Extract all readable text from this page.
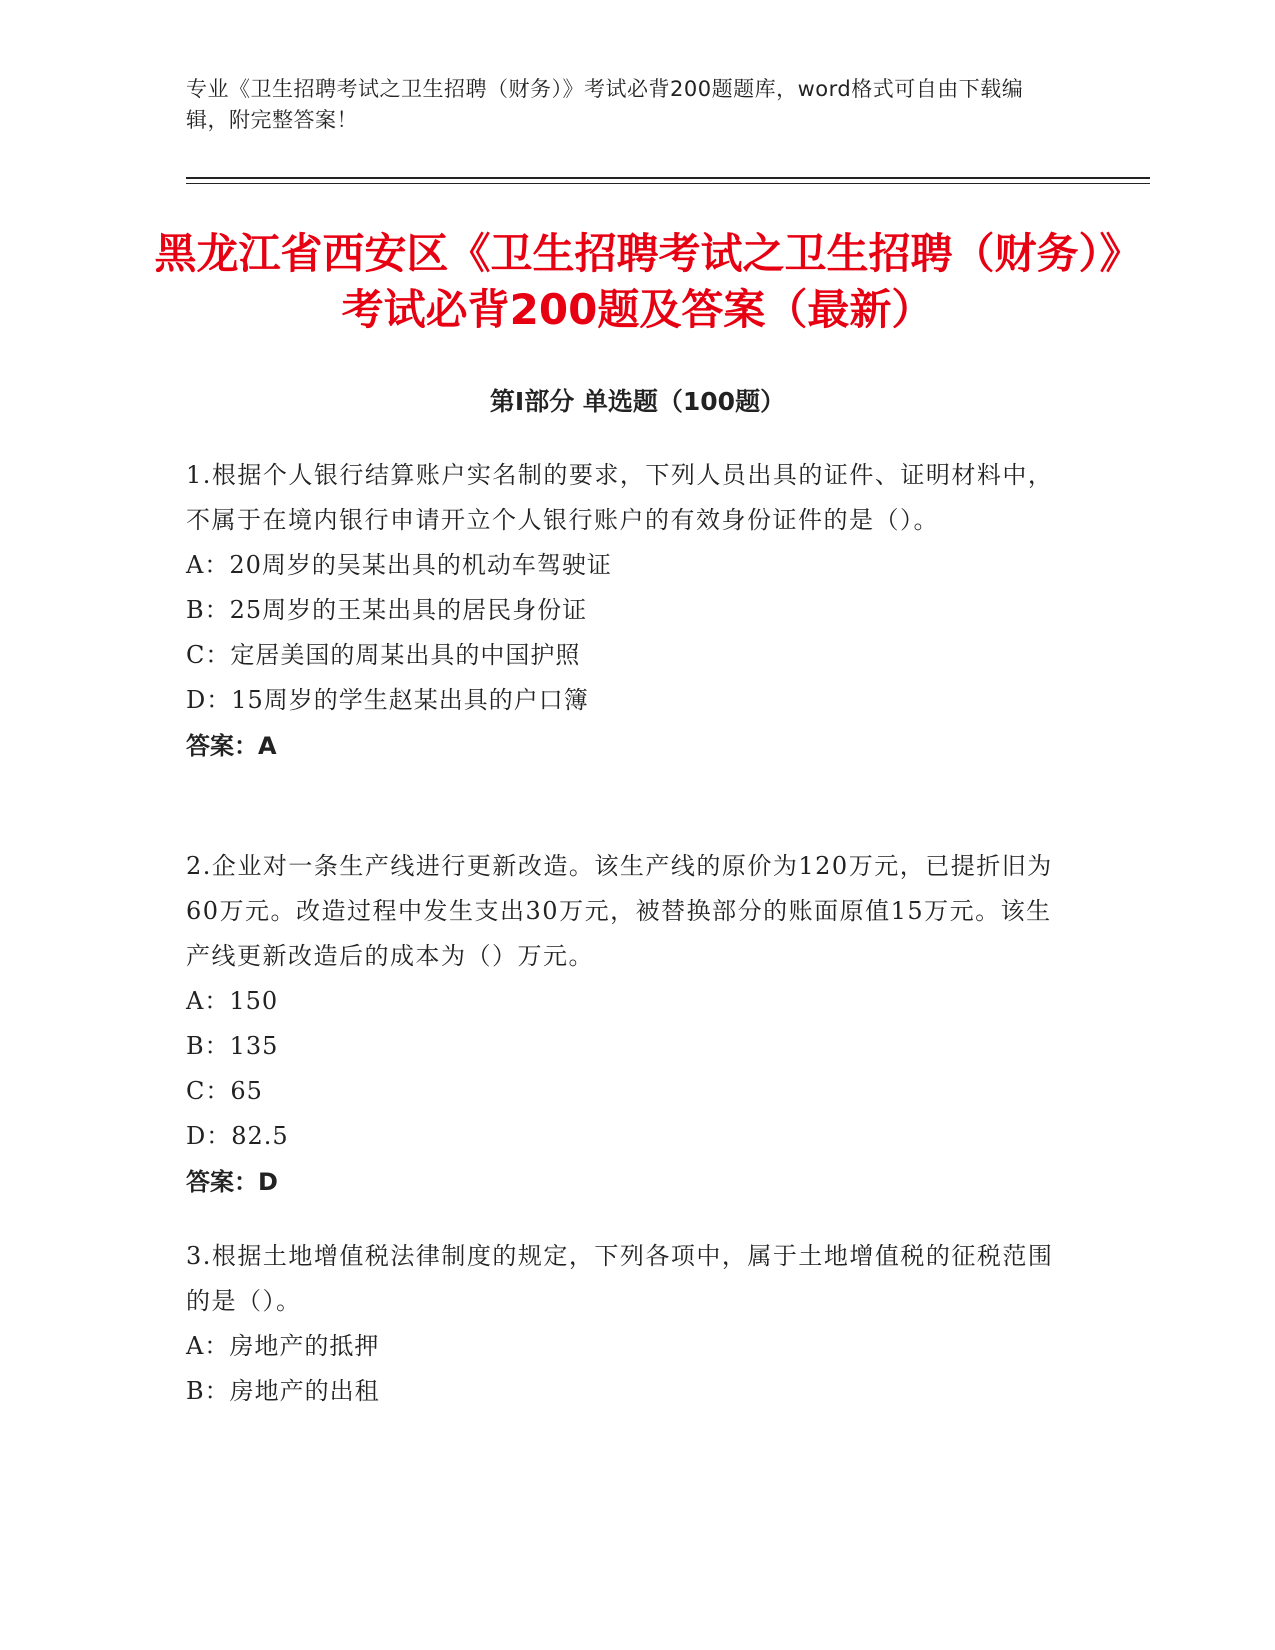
专业《卫生招聘考试之卫生招聘（财务）》考试必背200题题库，word格式可自由下载编辑，附完整答案！
黑龙江省西安区《卫生招聘考试之卫生招聘（财务）》考试必背200题及答案（最新）
第Ⅰ部分 单选题（100题）
1.根据个人银行结算账户实名制的要求，下列人员出具的证件、证明材料中，不属于在境内银行申请开立个人银行账户的有效身份证件的是（）。
A：20周岁的吴某出具的机动车驾驶证
B：25周岁的王某出具的居民身份证
C：定居美国的周某出具的中国护照
D：15周岁的学生赵某出具的户口簿
答案：A
2.企业对一条生产线进行更新改造。该生产线的原价为120万元，已提折旧为60万元。改造过程中发生支出30万元，被替换部分的账面原值15万元。该生产线更新改造后的成本为（）万元。
A：150
B：135
C：65
D：82.5
答案：D
3.根据土地增值税法律制度的规定，下列各项中，属于土地增值税的征税范围的是（）。
A：房地产的抵押
B：房地产的出租
